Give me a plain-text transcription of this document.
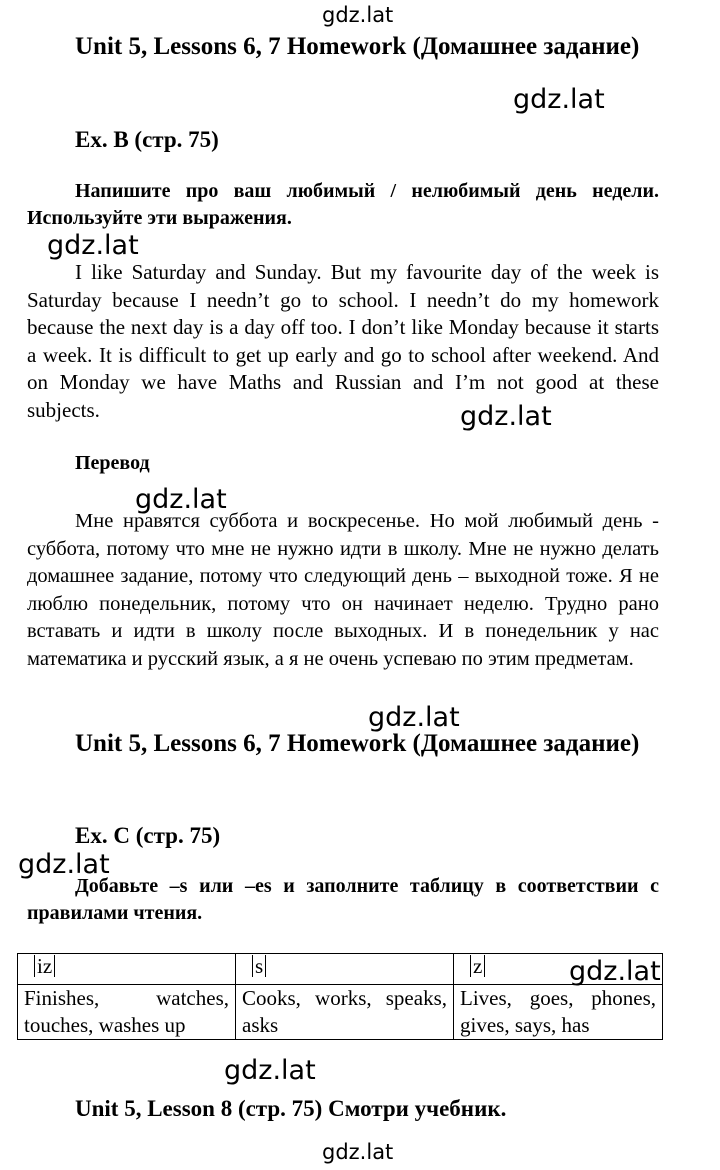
gdz.lat
gdz.lat
gdz.lat
gdz.lat
gdz.lat
gdz.lat
gdz.lat
gdz.lat
gdz.lat
gdz.lat

Unit 5, Lessons 6, 7 Homework (Домашнее задание)

Ex. B (стр. 75)

Напишите про ваш любимый / нелюбимый день недели. Используйте эти выражения.

I like Saturday and Sunday. But my favourite day of the week is Saturday because I needn’t go to school. I needn’t do my homework because the next day is a day off too. I don’t like Monday because it starts a week. It is difficult to get up early and go to school after weekend. And on Monday we have Maths and Russian and I’m not good at these subjects.

Перевод

Мне нравятся суббота и воскресенье. Но мой любимый день - суббота, потому что мне не нужно идти в школу. Мне не нужно делать домашнее задание, потому что следующий день – выходной тоже. Я не люблю понедельник, потому что он начинает неделю. Трудно рано вставать и идти в школу после выходных. И в понедельник у нас математика и русский язык, а я не очень успеваю по этим предметам.

Unit 5, Lessons 6, 7 Homework (Домашнее задание)

Ex. C (стр. 75)

Добавьте –s или –es и заполните таблицу в соответствии с правилами чтения.

iz	s	z
Finishes, watches, touches, washes up	Cooks, works, speaks, asks	Lives, goes, phones, gives, says, has

Unit 5, Lesson 8 (стр. 75) Смотри учебник.
